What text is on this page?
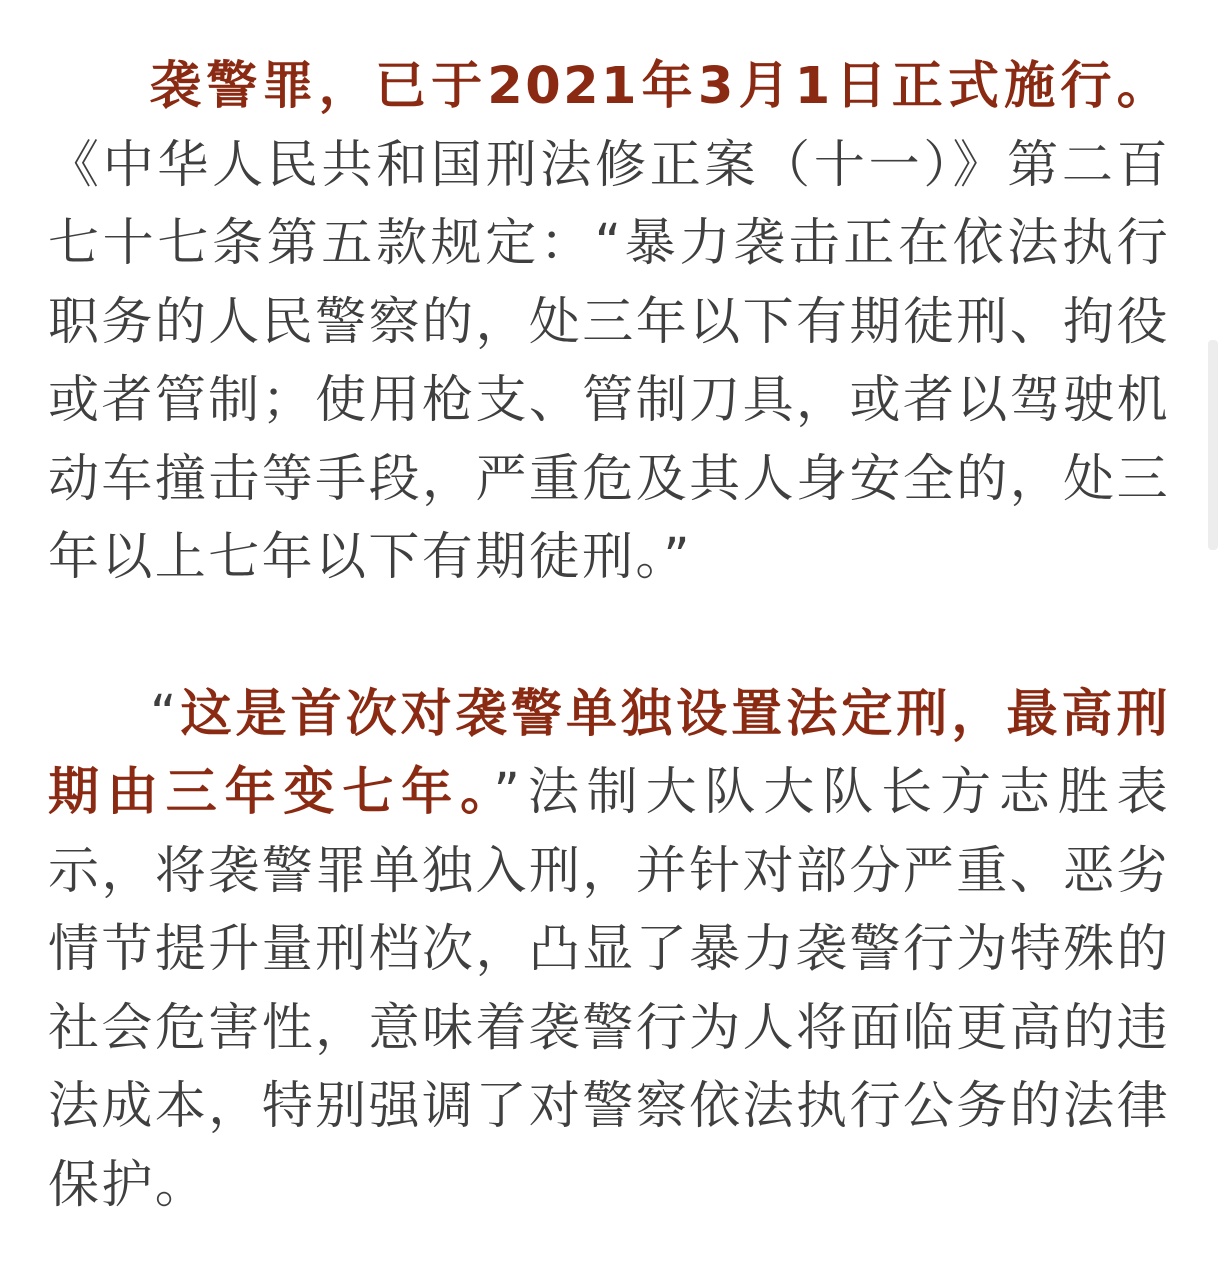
袭警罪，已于2021年3月1日正式施行。《中华人民共和国刑法修正案（十一）》第二百七十七条第五款规定：“暴力袭击正在依法执行职务的人民警察的，处三年以下有期徒刑、拘役或者管制；使用枪支、管制刀具，或者以驾驶机动车撞击等手段，严重危及其人身安全的，处三年以上七年以下有期徒刑。”

“这是首次对袭警单独设置法定刑，最高刑期由三年变七年。”法制大队大队长方志胜表示，将袭警罪单独入刑，并针对部分严重、恶劣情节提升量刑档次，凸显了暴力袭警行为特殊的社会危害性，意味着袭警行为人将面临更高的违法成本，特别强调了对警察依法执行公务的法律保护。
